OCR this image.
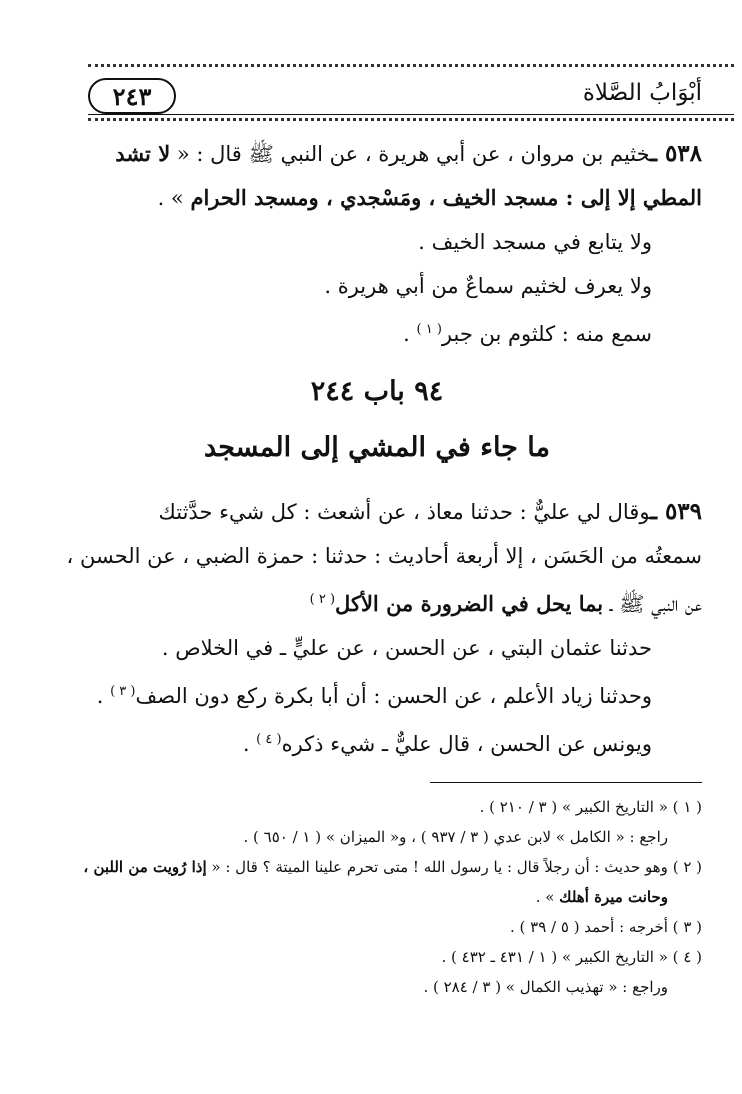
أبْوَابُ الصَّلاة
٢٤٣
٥٣٨ ـخثيم بن مروان ، عن أبي هريرة ، عن النبي ﷺ قال : « لا تشد
المطي إلا إلى : مسجد الخيف ، ومَسْجدي ، ومسجد الحرام » .
ولا يتابع في مسجد الخيف .
ولا يعرف لخثيم سماعٌ من أبي هريرة .
سمع منه : كلثوم بن جبر$^{( ١ )}$ .
٩٤ باب ٢٤٤
ما جاء في المشي إلى المسجد
٥٣٩ ـوقال لي عليٌّ : حدثنا معاذ ، عن أشعث : كل شيء حدَّثتك
سمعتُه من الحَسَن ، إلا أربعة أحاديث : حدثنا : حمزة الضبي ، عن الحسن ،
عن النبي ﷺ ـ بما يحل في الضرورة من الأكل$^{( ٢ )}$
حدثنا عثمان البتي ، عن الحسن ، عن عليٍّ ـ في الخلاص .
وحدثنا زياد الأعلم ، عن الحسن : أن أبا بكرة ركع دون الصف$^{( ٣ )}$ .
ويونس عن الحسن ، قال عليٌّ ـ شيء ذكره$^{( ٤ )}$ .
( ١ ) « التاريخ الكبير » ( ٣ / ٢١٠ ) .
راجع : « الكامل » لابن عدي ( ٣ / ٩٣٧ ) ، و« الميزان » ( ١ / ٦٥٠ ) .
( ٢ ) وهو حديث : أن رجلاً قال : يا رسول الله ! متى تحرم علينا الميتة ؟ قال : « إذا رُويت من اللبن ،
وحانت ميرة أهلك » .
( ٣ ) أخرجه : أحمد ( ٥ / ٣٩ ) .
( ٤ ) « التاريخ الكبير » ( ١ / ٤٣١ ـ ٤٣٢ ) .
وراجع : « تهذيب الكمال » ( ٣ / ٢٨٤ ) .
